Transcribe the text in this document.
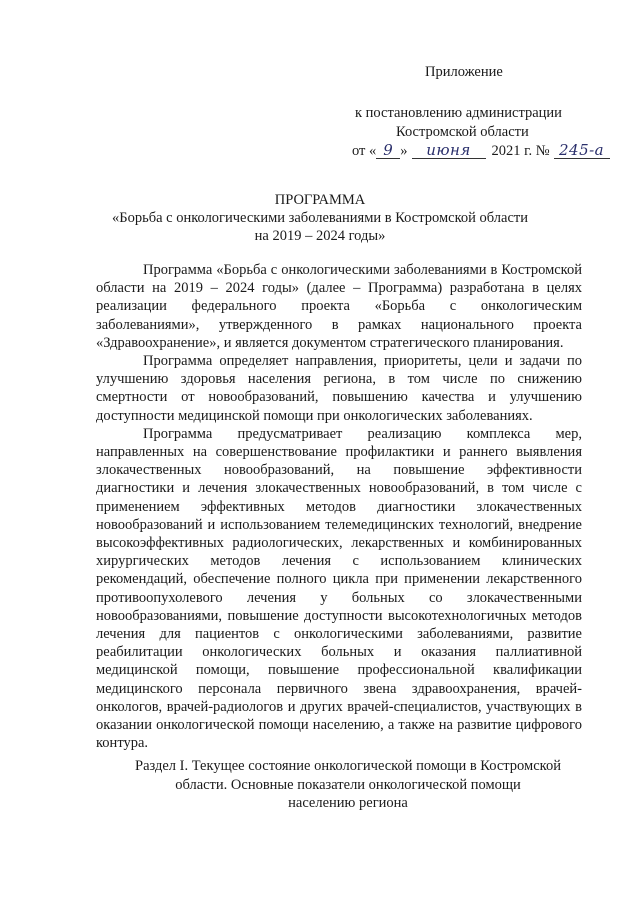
Приложение
к постановлению администрации
Костромской области
от « 9 »	июня	2021 г. № 245-а
ПРОГРАММА
«Борьба с онкологическими заболеваниями в Костромской области
на 2019 – 2024 годы»

Программа «Борьба с онкологическими заболеваниями в Костромской области на 2019 – 2024 годы» (далее – Программа) разработана в целях реализации федерального проекта «Борьба с онкологическим заболеваниями», утвержденного в рамках национального проекта «Здравоохранение», и является документом стратегического планирования.

Программа определяет направления, приоритеты, цели и задачи по улучшению здоровья населения региона, в том числе по снижению смертности от новообразований, повышению качества и улучшению доступности медицинской помощи при онкологических заболеваниях.

Программа предусматривает реализацию комплекса мер, направленных на совершенствование профилактики и раннего выявления злокачественных новообразований, на повышение эффективности диагностики и лечения злокачественных новообразований, в том числе с применением эффективных методов диагностики злокачественных новообразований и использованием телемедицинских технологий, внедрение высокоэффективных радиологических, лекарственных и комбинированных хирургических методов лечения с использованием клинических рекомендаций, обеспечение полного цикла при применении лекарственного противоопухолевого лечения у больных со злокачественными новообразованиями, повышение доступности высокотехнологичных методов лечения для пациентов с онкологическими заболеваниями, развитие реабилитации онкологических больных и оказания паллиативной медицинской помощи, повышение профессиональной квалификации медицинского персонала первичного звена здравоохранения, врачей-онкологов, врачей-радиологов и других врачей-специалистов, участвующих в оказании онкологической помощи населению, а также на развитие цифрового контура.

Раздел I. Текущее состояние онкологической помощи в Костромской
области. Основные показатели онкологической помощи
населению региона
